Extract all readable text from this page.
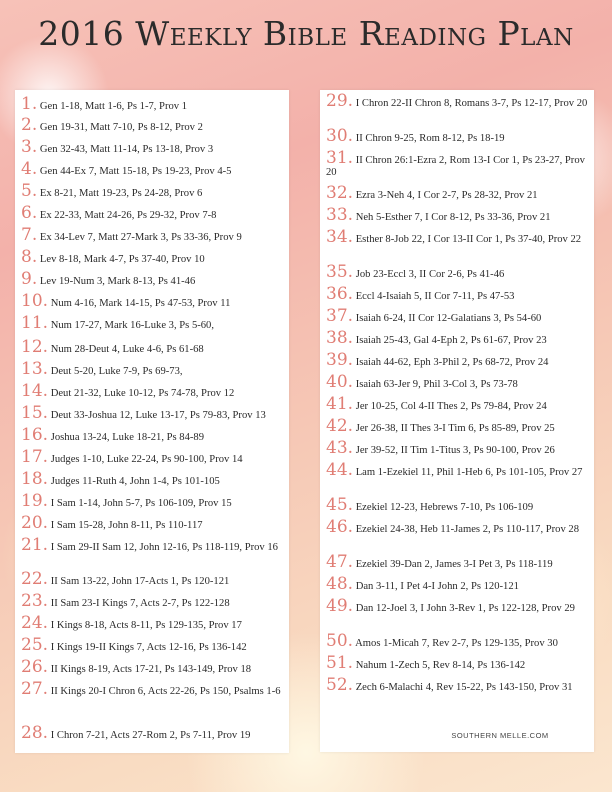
2016 Weekly Bible Reading Plan
1. Gen 1-18, Matt 1-6, Ps 1-7, Prov 1
2. Gen 19-31, Matt 7-10, Ps 8-12, Prov 2
3. Gen 32-43, Matt 11-14, Ps 13-18, Prov 3
4. Gen 44-Ex 7, Matt 15-18, Ps 19-23, Prov 4-5
5. Ex 8-21, Matt 19-23, Ps 24-28, Prov 6
6. Ex 22-33, Matt 24-26, Ps 29-32, Prov 7-8
7. Ex 34-Lev 7, Matt 27-Mark 3, Ps 33-36, Prov 9
8. Lev 8-18, Mark 4-7, Ps 37-40, Prov 10
9. Lev 19-Num 3, Mark 8-13, Ps 41-46
10. Num 4-16, Mark 14-15, Ps 47-53, Prov 11
11. Num 17-27, Mark 16-Luke 3, Ps 5-60,
12. Num 28-Deut 4, Luke 4-6, Ps 61-68
13. Deut 5-20, Luke 7-9, Ps 69-73,
14. Deut 21-32, Luke 10-12, Ps 74-78, Prov 12
15. Deut 33-Joshua 12, Luke 13-17, Ps 79-83, Prov 13
16. Joshua 13-24, Luke 18-21, Ps 84-89
17. Judges 1-10, Luke 22-24, Ps 90-100, Prov 14
18. Judges 11-Ruth 4, John 1-4, Ps 101-105
19. I Sam 1-14, John 5-7, Ps 106-109, Prov 15
20. I Sam 15-28, John 8-11, Ps 110-117
21. I Sam 29-II Sam 12, John 12-16, Ps 118-119, Prov 16
22. II Sam 13-22, John 17-Acts 1, Ps 120-121
23. II Sam 23-I Kings 7, Acts 2-7, Ps 122-128
24. I Kings 8-18, Acts 8-11, Ps 129-135, Prov 17
25. I Kings 19-II Kings 7, Acts 12-16, Ps 136-142
26. II Kings 8-19, Acts 17-21, Ps 143-149, Prov 18
27. II Kings 20-I Chron 6, Acts 22-26, Ps 150, Psalms 1-6
28. I Chron 7-21, Acts 27-Rom 2, Ps 7-11, Prov 19	SOUTHERN MELLE.COM
29. I Chron 22-II Chron 8, Romans 3-7, Ps 12-17, Prov 20
30. II Chron 9-25, Rom 8-12, Ps 18-19
31. II Chron 26:1-Ezra 2, Rom 13-I Cor 1, Ps 23-27, Prov 20
32. Ezra 3-Neh 4, I Cor 2-7, Ps 28-32, Prov 21
33. Neh 5-Esther 7, I Cor 8-12, Ps 33-36, Prov 21
34. Esther 8-Job 22, I Cor 13-II Cor 1, Ps 37-40, Prov 22
35. Job 23-Eccl 3, II Cor 2-6, Ps 41-46
36. Eccl 4-Isaiah 5, II Cor 7-11, Ps 47-53
37. Isaiah 6-24, II Cor 12-Galatians 3, Ps 54-60
38. Isaiah 25-43, Gal 4-Eph 2, Ps 61-67, Prov 23
39. Isaiah 44-62, Eph 3-Phil 2, Ps 68-72, Prov 24
40. Isaiah 63-Jer 9, Phil 3-Col 3, Ps 73-78
41. Jer 10-25, Col 4-II Thes 2, Ps 79-84, Prov 24
42. Jer 26-38, II Thes 3-I Tim 6, Ps 85-89, Prov 25
43. Jer 39-52, II Tim 1-Titus 3, Ps 90-100, Prov 26
44. Lam 1-Ezekiel 11, Phil 1-Heb 6, Ps 101-105, Prov 27
45. Ezekiel 12-23, Hebrews 7-10, Ps 106-109
46. Ezekiel 24-38, Heb 11-James 2, Ps 110-117, Prov 28
47. Ezekiel 39-Dan 2, James 3-I Pet 3, Ps 118-119
48. Dan 3-11, I Pet 4-I John 2, Ps 120-121
49. Dan 12-Joel 3, I John 3-Rev 1, Ps 122-128, Prov 29
50. Amos 1-Micah 7, Rev 2-7, Ps 129-135, Prov 30
51. Nahum 1-Zech 5, Rev 8-14, Ps 136-142
52. Zech 6-Malachi 4, Rev 15-22, Ps 143-150, Prov 31
